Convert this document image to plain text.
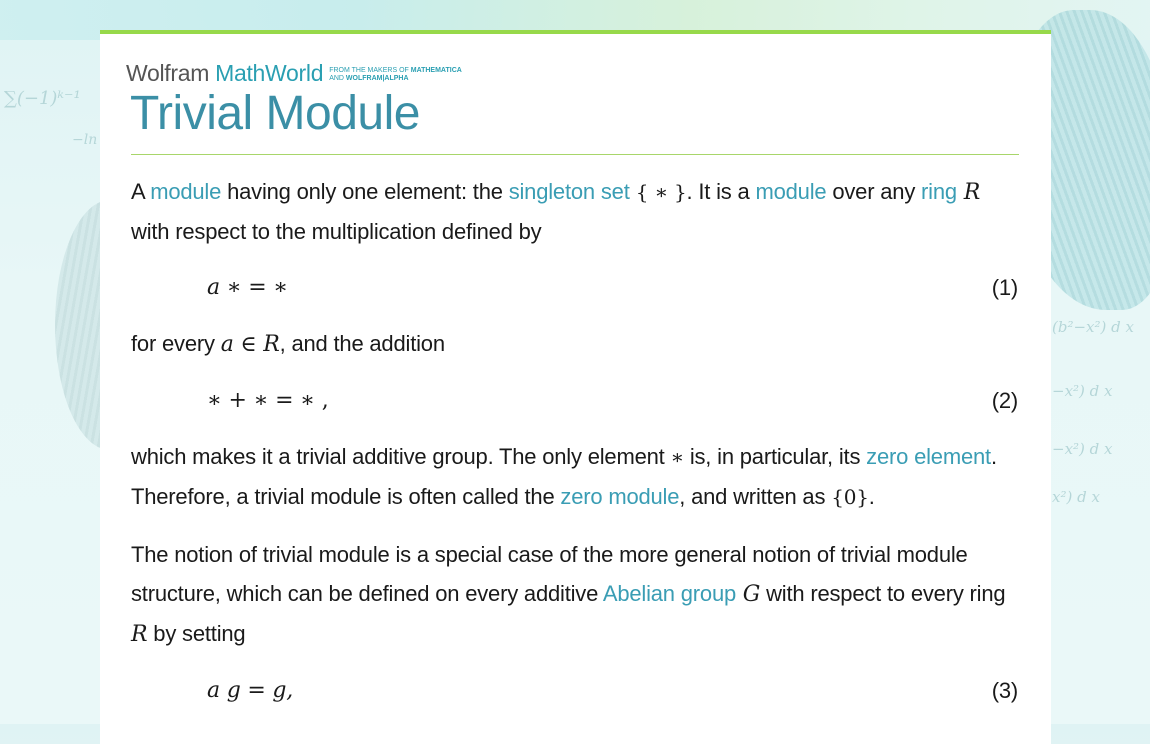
∑(−1)ᵏ⁻¹
−ln
(b²−x²) d x
−x²) d x
−x²) d x
x²) d x
Wolfram MathWorld FROM THE MAKERS OF MATHEMATICA
AND WOLFRAM|ALPHA
Trivial Module

A module having only one element: the singleton set { ∗ }. It is a module over any ring R with respect to the multiplication defined by

a ∗ = ∗	(1)

for every a ∈ R, and the addition

∗ + ∗ = ∗ ,	(2)

which makes it a trivial additive group. The only element ∗ is, in particular, its zero element. Therefore, a trivial module is often called the zero module, and written as {0}.

The notion of trivial module is a special case of the more general notion of trivial module structure, which can be defined on every additive Abelian group G with respect to every ring R by setting

a g = g,	(3)
